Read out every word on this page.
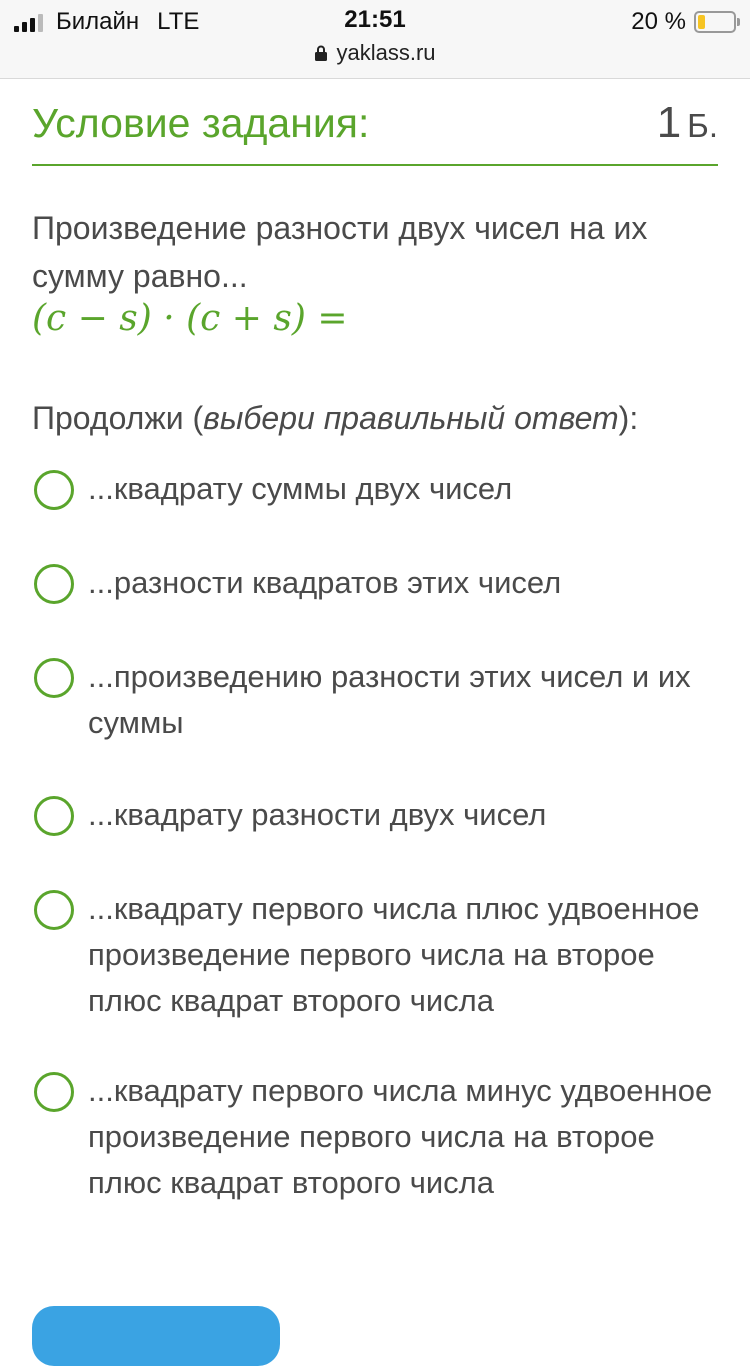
Билайн LTE	21:51	20 %
yaklass.ru
Условие задания:	1 Б.
Произведение разности двух чисел на их сумму равно...
(c − s) · (c + s) =
Продолжи (выбери правильный ответ):
...квадрату суммы двух чисел
...разности квадратов этих чисел
...произведению разности этих чисел и их суммы
...квадрату разности двух чисел
...квадрату первого числа плюс удвоенное произведение первого числа на второе плюс квадрат второго числа
...квадрату первого числа минус удвоенное произведение первого числа на второе плюс квадрат второго числа
